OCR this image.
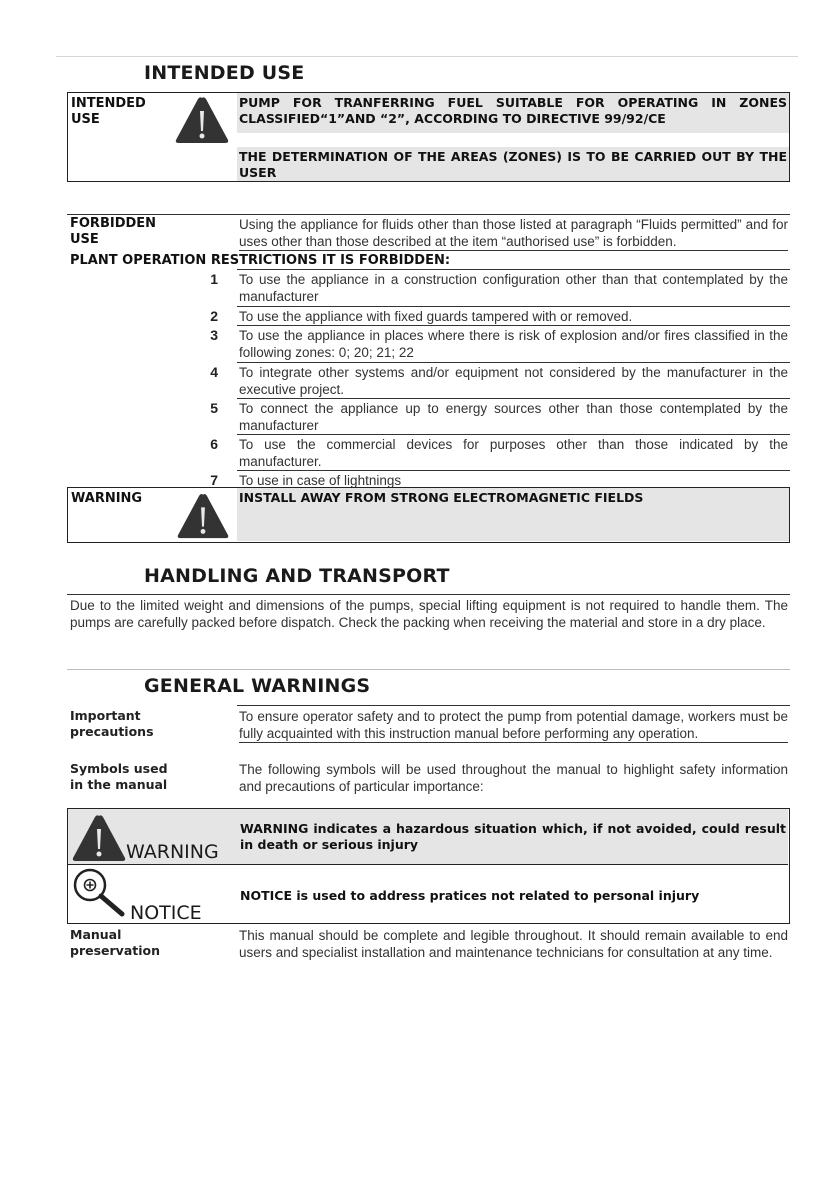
INTENDED USE
INTENDED
USE
PUMP FOR TRANFERRING FUEL SUITABLE FOR OPERATING IN ZONES CLASSIFIED“1”AND “2”, ACCORDING TO DIRECTIVE 99/92/CE
THE DETERMINATION OF THE AREAS (ZONES) IS TO BE CARRIED OUT BY THE USER
FORBIDDEN
USE
Using the appliance for fluids other than those listed at paragraph “Fluids permitted” and for uses other than those described at the item “authorised use” is forbidden.
PLANT OPERATION RESTRICTIONS IT IS FORBIDDEN:
1 To use the appliance in a construction configuration other than that contemplated by the manufacturer
2 To use the appliance with fixed guards tampered with or removed.
3 To use the appliance in places where there is risk of explosion and/or fires classified in the following zones: 0; 20; 21; 22
4 To integrate other systems and/or equipment not considered by the manufacturer in the executive project.
5 To connect the appliance up to energy sources other than those contemplated by the manufacturer
6 To use the commercial devices for purposes other than those indicated by the manufacturer.
7 To use in case of lightnings
WARNING	INSTALL AWAY FROM STRONG ELECTROMAGNETIC FIELDS
HANDLING AND TRANSPORT
Due to the limited weight and dimensions of the pumps, special lifting equipment is not required to handle them. The pumps are carefully packed before dispatch. Check the packing when receiving the material and store in a dry place.
GENERAL WARNINGS
Important
precautions
To ensure operator safety and to protect the pump from potential damage, workers must be fully acquainted with this instruction manual before performing any operation.
Symbols used
in the manual
The following symbols will be used throughout the manual to highlight safety information and precautions of particular importance:
WARNING
WARNING indicates a hazardous situation which, if not avoided, could result in death or serious injury
NOTICE
NOTICE is used to address pratices not related to personal injury
Manual
preservation
This manual should be complete and legible throughout. It should remain available to end users and specialist installation and maintenance technicians for consultation at any time.
